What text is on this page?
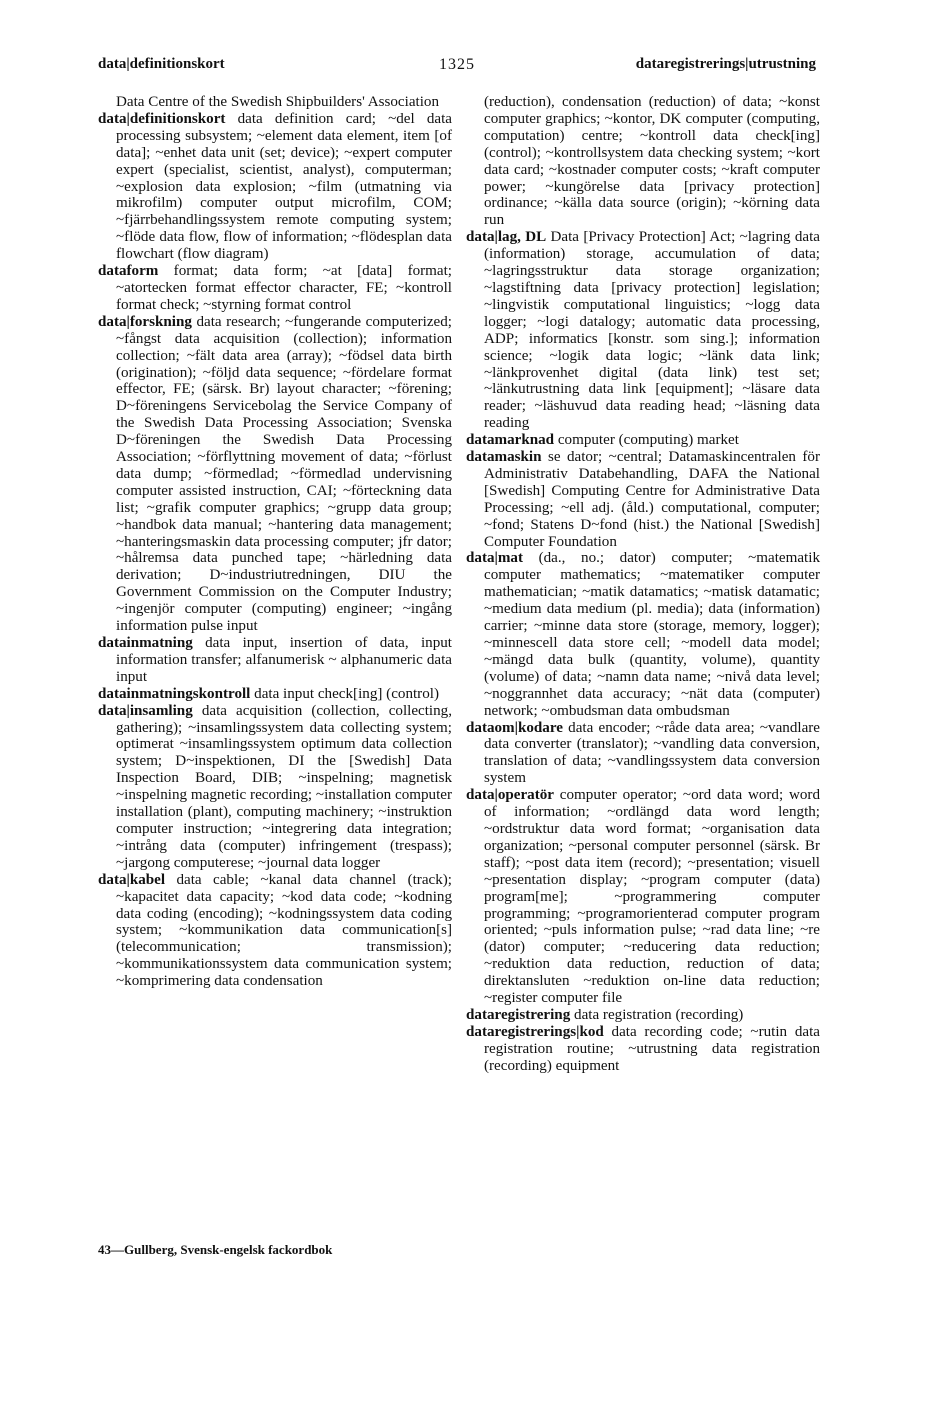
data|definitionskort	1325	dataregistrerings|utrustning

Data Centre of the Swedish Shipbuilders' Association

data|definitionskort data definition card; ~del data processing subsystem; ~element data element, item [of data]; ~enhet data unit (set; device); ~expert computer expert (specialist, scientist, analyst), computerman; ~explosion data explosion; ~film (utmatning via mikrofilm) computer output microfilm, COM; ~fjärrbehandlingssystem remote computing system; ~flöde data flow, flow of information; ~flödesplan data flowchart (flow diagram)

dataform format; data form; ~at [data] format; ~atortecken format effector character, FE; ~kontroll format check; ~styrning format control

data|forskning data research; ~fungerande computerized; ~fångst data acquisition (collection); information collection; ~fält data area (array); ~födsel data birth (origination); ~följd data sequence; ~fördelare format effector, FE; (särsk. Br) layout character; ~förening; D~föreningens Servicebolag the Service Company of the Swedish Data Processing Association; Svenska D~föreningen the Swedish Data Processing Association; ~förflyttning movement of data; ~förlust data dump; ~förmedlad; ~förmedlad undervisning computer assisted instruction, CAI; ~förteckning data list; ~grafik computer graphics; ~grupp data group; ~handbok data manual; ~hantering data management; ~hanteringsmaskin data processing computer; jfr dator; ~hålremsa data punched tape; ~härledning data derivation; D~industriutredningen, DIU the Government Commission on the Computer Industry; ~ingenjör computer (computing) engineer; ~ingång information pulse input

datainmatning data input, insertion of data, input information transfer; alfanumerisk ~ alphanumeric data input

datainmatningskontroll data input check[ing] (control)

data|insamling data acquisition (collection, collecting, gathering); ~insamlingssystem data collecting system; optimerat ~insamlingssystem optimum data collection system; D~inspektionen, DI the [Swedish] Data Inspection Board, DIB; ~inspelning; magnetisk ~inspelning magnetic recording; ~installation computer installation (plant), computing machinery; ~instruktion computer instruction; ~integrering data integration; ~intrång data (computer) infringement (trespass); ~jargong computerese; ~journal data logger

data|kabel data cable; ~kanal data channel (track); ~kapacitet data capacity; ~kod data code; ~kodning data coding (encoding); ~kodningssystem data coding system; ~kommunikation data communication[s] (telecommunication; transmission); ~kommunikationssystem data communication system; ~komprimering data condensation

(reduction), condensation (reduction) of data; ~konst computer graphics; ~kontor, DK computer (computing, computation) centre; ~kontroll data check[ing] (control); ~kontrollsystem data checking system; ~kort data card; ~kostnader computer costs; ~kraft computer power; ~kungörelse data [privacy protection] ordinance; ~källa data source (origin); ~körning data run

data|lag, DL Data [Privacy Protection] Act; ~lagring data (information) storage, accumulation of data; ~lagringsstruktur data storage organization; ~lagstiftning data [privacy protection] legislation; ~lingvistik computational linguistics; ~logg data logger; ~logi datalogy; automatic data processing, ADP; informatics [konstr. som sing.]; information science; ~logik data logic; ~länk data link; ~länkprovenhet digital (data link) test set; ~länkutrustning data link [equipment]; ~läsare data reader; ~läshuvud data reading head; ~läsning data reading

datamarknad computer (computing) market

datamaskin se dator; ~central; Datamaskincentralen för Administrativ Databehandling, DAFA the National [Swedish] Computing Centre for Administrative Data Processing; ~ell adj. (åld.) computational, computer; ~fond; Statens D~fond (hist.) the National [Swedish] Computer Foundation

data|mat (da., no.; dator) computer; ~matematik computer mathematics; ~matematiker computer mathematician; ~matik datamatics; ~matisk datamatic; ~medium data medium (pl. media); data (information) carrier; ~minne data store (storage, memory, logger); ~minnescell data store cell; ~modell data model; ~mängd data bulk (quantity, volume), quantity (volume) of data; ~namn data name; ~nivå data level; ~noggrannhet data accuracy; ~nät data (computer) network; ~ombudsman data ombudsman

dataom|kodare data encoder; ~råde data area; ~vandlare data converter (translator); ~vandling data conversion, translation of data; ~vandlingssystem data conversion system

data|operatör computer operator; ~ord data word; word of information; ~ordlängd data word length; ~ordstruktur data word format; ~organisation data organization; ~personal computer personnel (särsk. Br staff); ~post data item (record); ~presentation; visuell ~presentation display; ~program computer (data) program[me]; ~programmering computer programming; ~programorienterad computer program oriented; ~puls information pulse; ~rad data line; ~re (dator) computer; ~reducering data reduction; ~reduktion data reduction, reduction of data; direktansluten ~reduktion on-line data reduction; ~register computer file

dataregistrering data registration (recording)

dataregistrerings|kod data recording code; ~rutin data registration routine; ~utrustning data registration (recording) equipment

43—Gullberg, Svensk-engelsk fackordbok
